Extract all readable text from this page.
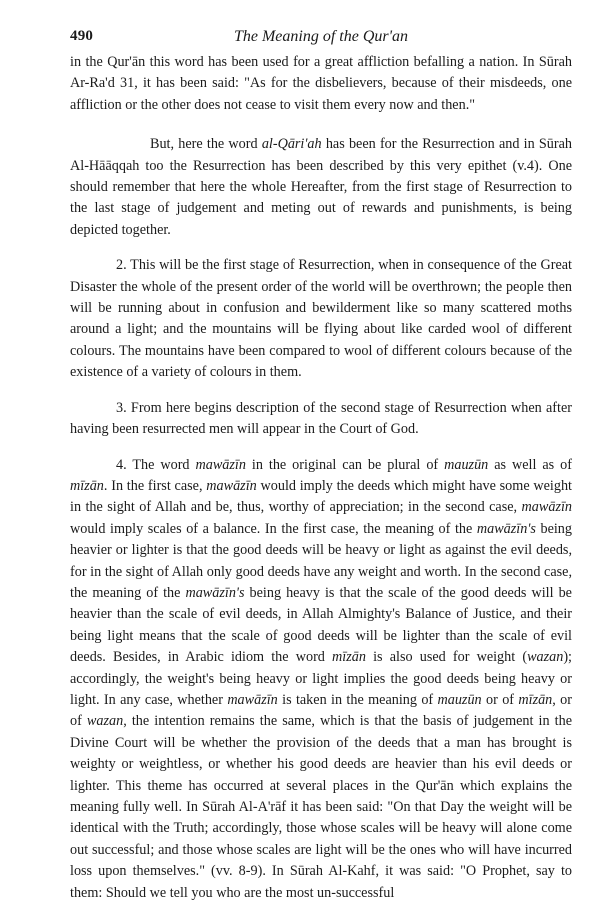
490	The Meaning of the Qur'an

in the Qur'ān this word has been used for a great affliction befalling a nation. In Sūrah Ar-Ra'd 31, it has been said: "As for the disbelievers, because of their misdeeds, one affliction or the other does not cease to visit them every now and then."

But, here the word al-Qāri'ah has been for the Resurrection and in Sūrah Al-Hāāqqah too the Resurrection has been described by this very epithet (v.4). One should remember that here the whole Hereafter, from the first stage of Resurrection to the last stage of judgement and meting out of rewards and punishments, is being depicted together.

2. This will be the first stage of Resurrection, when in consequence of the Great Disaster the whole of the present order of the world will be overthrown; the people then will be running about in confusion and bewilderment like so many scattered moths around a light; and the mountains will be flying about like carded wool of different colours. The mountains have been compared to wool of different colours because of the existence of a variety of colours in them.

3. From here begins description of the second stage of Resurrection when after having been resurrected men will appear in the Court of God.

4. The word mawāzīn in the original can be plural of mauzūn as well as of mīzān. In the first case, mawāzīn would imply the deeds which might have some weight in the sight of Allah and be, thus, worthy of appreciation; in the second case, mawāzīn would imply scales of a balance. In the first case, the meaning of the mawāzīn's being heavier or lighter is that the good deeds will be heavy or light as against the evil deeds, for in the sight of Allah only good deeds have any weight and worth. In the second case, the meaning of the mawāzīn's being heavy is that the scale of the good deeds will be heavier than the scale of evil deeds, in Allah Almighty's Balance of Justice, and their being light means that the scale of good deeds will be lighter than the scale of evil deeds. Besides, in Arabic idiom the word mīzān is also used for weight (wazan); accordingly, the weight's being heavy or light implies the good deeds being heavy or light. In any case, whether mawāzīn is taken in the meaning of mauzūn or of mīzān, or of wazan, the intention remains the same, which is that the basis of judgement in the Divine Court will be whether the provision of the deeds that a man has brought is weighty or weightless, or whether his good deeds are heavier than his evil deeds or lighter. This theme has occurred at several places in the Qur'ān which explains the meaning fully well. In Sūrah Al-A'rāf it has been said: "On that Day the weight will be identical with the Truth; accordingly, those whose scales will be heavy will alone come out successful; and those whose scales are light will be the ones who will have incurred loss upon themselves." (vv. 8-9). In Sūrah Al-Kahf, it was said: "O Prophet, say to them: Should we tell you who are the most un-successful
